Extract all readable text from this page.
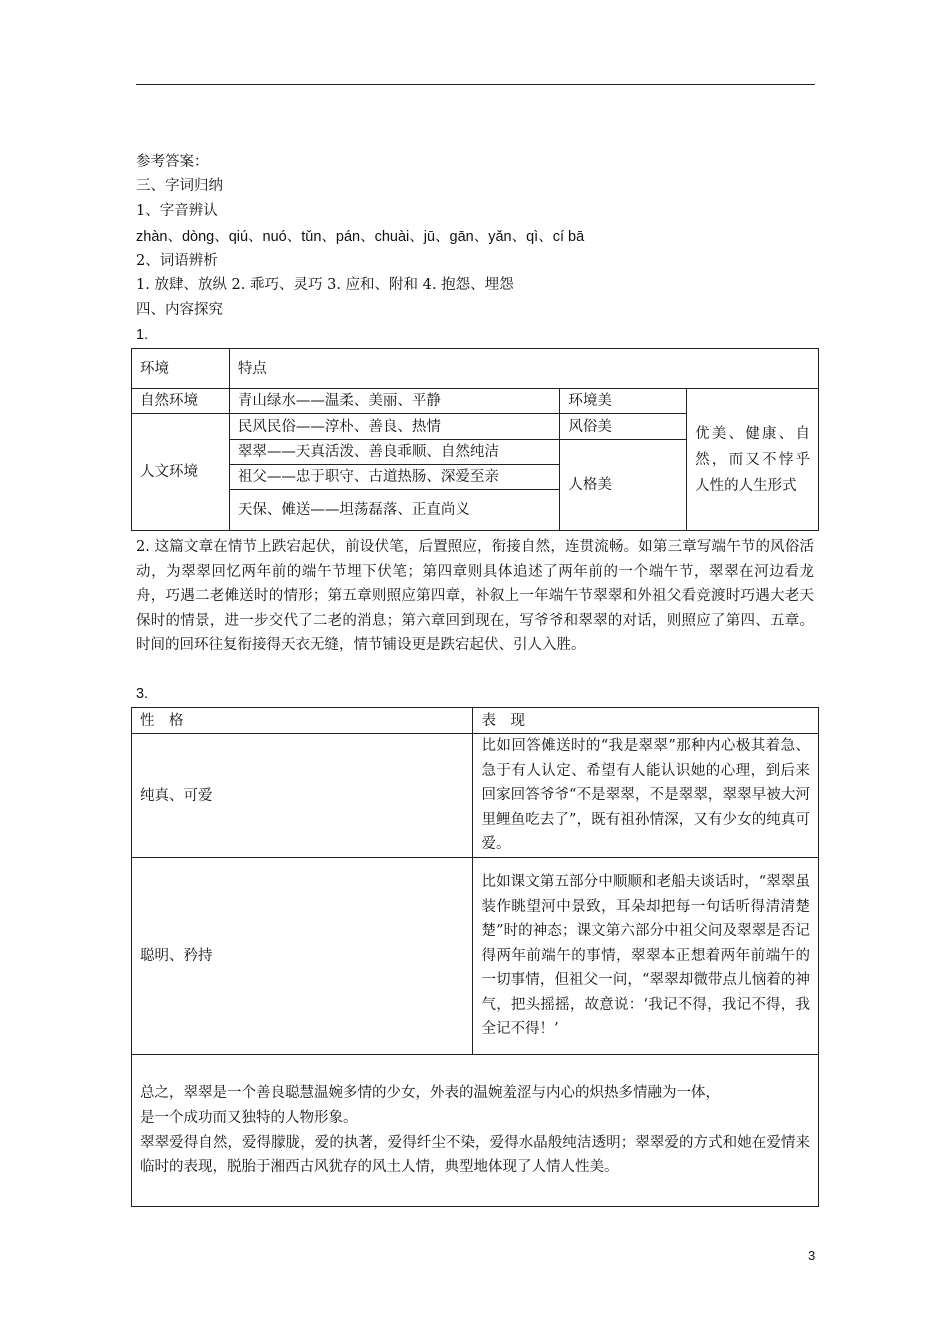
参考答案：
三、字词归纳
1、字音辨认
zhàn、dòng、qiú、nuó、tǔn、pán、chuài、jū、gān、yǎn、qì、cí bā
2、词语辨析
1. 放肆、放纵 2. 乖巧、灵巧 3. 应和、附和 4. 抱怨、埋怨
四、内容探究
1.
环境	特点		
自然环境	青山绿水——温柔、美丽、平静	环境美	优美、健康、自然，而又不悖乎人性的人生形式
人文环境	民风民俗——淳朴、善良、热情	风俗美	
	翠翠——天真活泼、善良乖顺、自然纯洁	人格美	
	祖父——忠于职守、古道热肠、深爱至亲		
	天保、傩送——坦荡磊落、正直尚义		
2. 这篇文章在情节上跌宕起伏，前设伏笔，后置照应，衔接自然，连贯流畅。如第三章写端午节的风俗活动，为翠翠回忆两年前的端午节埋下伏笔；第四章则具体追述了两年前的一个端午节，翠翠在河边看龙舟，巧遇二老傩送时的情形；第五章则照应第四章，补叙上一年端午节翠翠和外祖父看竞渡时巧遇大老天保时的情景，进一步交代了二老的消息；第六章回到现在，写爷爷和翠翠的对话，则照应了第四、五章。时间的回环往复衔接得天衣无缝，情节铺设更是跌宕起伏、引人入胜。
3.
性　格	表　现
纯真、可爱	比如回答傩送时的“我是翠翠”那种内心极其着急、急于有人认定、希望有人能认识她的心理，到后来回家回答爷爷“不是翠翠，不是翠翠，翠翠早被大河里鲤鱼吃去了”，既有祖孙情深，又有少女的纯真可爱。
聪明、矜持	比如课文第五部分中顺顺和老船夫谈话时，“翠翠虽装作眺望河中景致，耳朵却把每一句话听得清清楚楚”时的神态；课文第六部分中祖父问及翠翠是否记得两年前端午的事情，翠翠本正想着两年前端午的一切事情，但祖父一问，“翠翠却微带点儿恼着的神气，把头摇摇，故意说：‘我记不得，我记不得，我全记不得！’

总之，翠翠是一个善良聪慧温婉多情的少女，外表的温婉羞涩与内心的炽热多情融为一体，
是一个成功而又独特的人物形象。
翠翠爱得自然，爱得朦胧，爱的执著，爱得纤尘不染，爱得水晶般纯洁透明；翠翠爱的方式和她在爱情来临时的表现，脱胎于湘西古风犹存的风土人情，典型地体现了人情人性美。	
3
